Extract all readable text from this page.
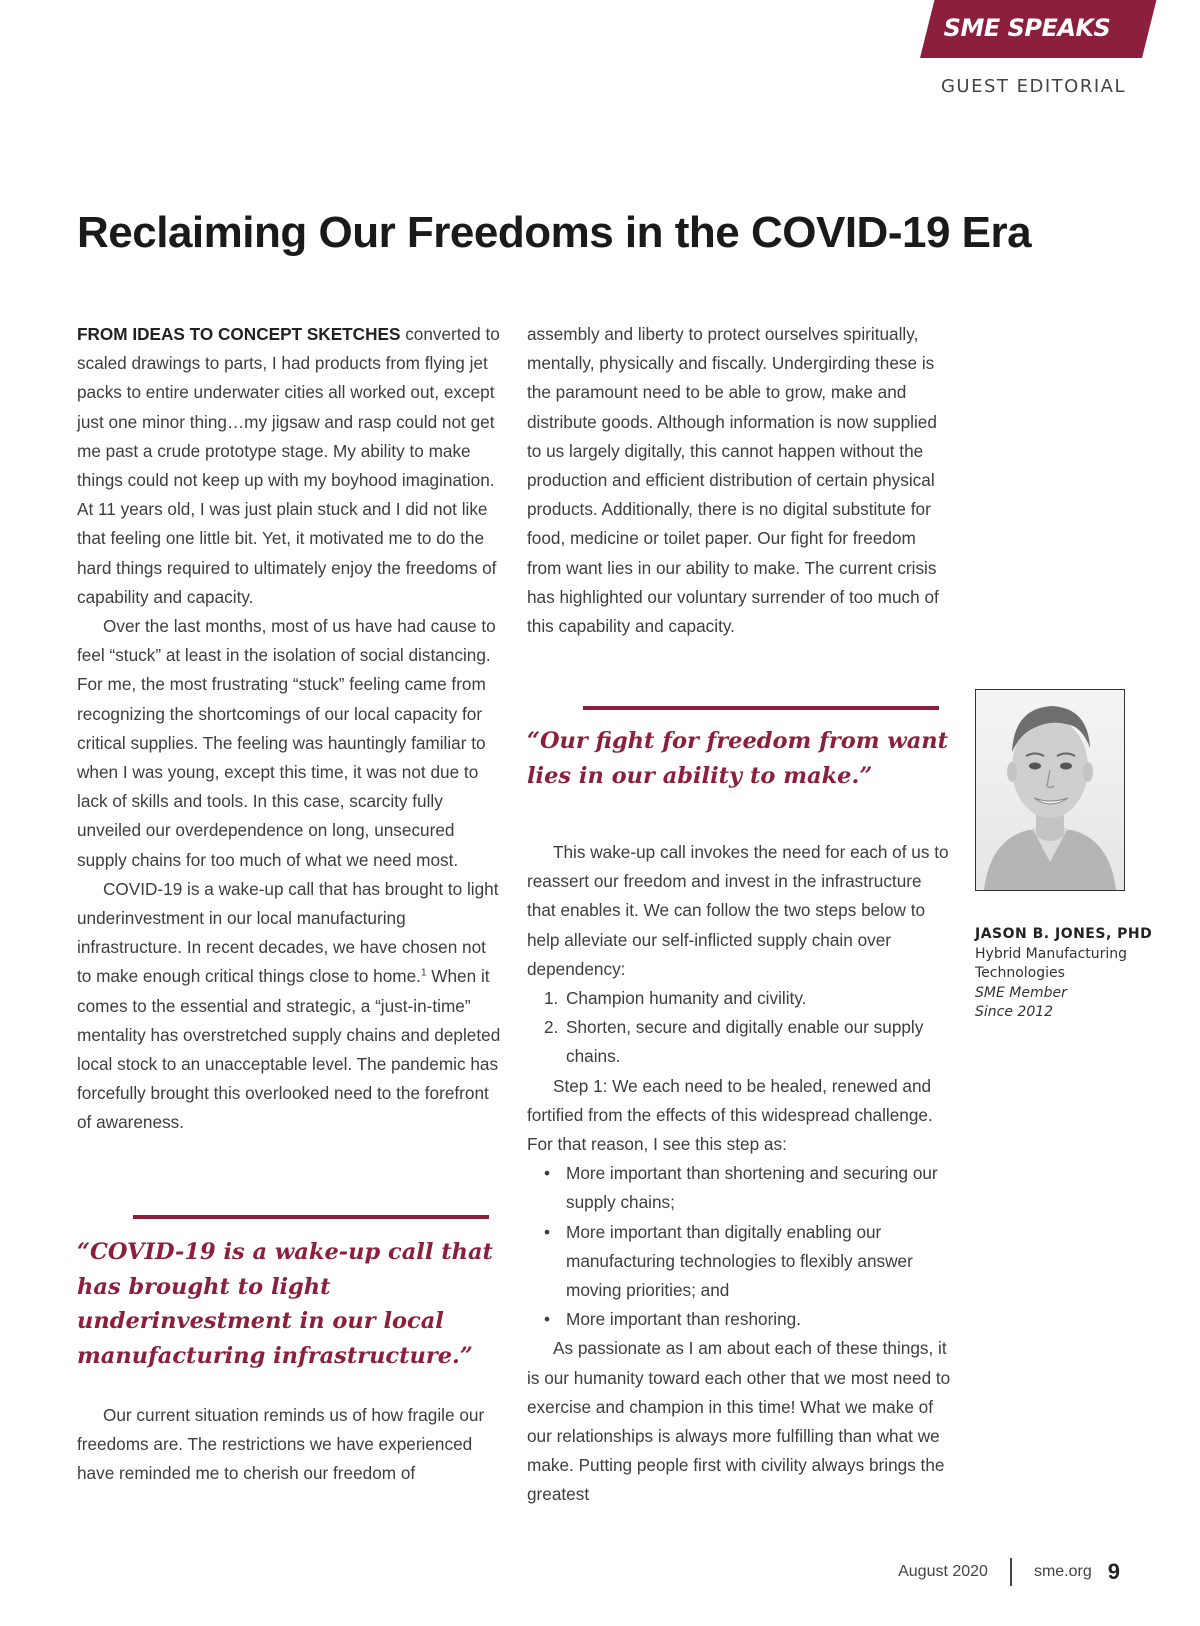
SME SPEAKS
GUEST EDITORIAL
Reclaiming Our Freedoms in the COVID-19 Era

FROM IDEAS TO CONCEPT SKETCHES converted to scaled drawings to parts, I had products from flying jet packs to entire underwater cities all worked out, except just one minor thing…my jigsaw and rasp could not get me past a crude prototype stage. My ability to make things could not keep up with my boyhood imagination. At 11 years old, I was just plain stuck and I did not like that feeling one little bit. Yet, it motivated me to do the hard things required to ultimately enjoy the freedoms of capability and capacity.

Over the last months, most of us have had cause to feel “stuck” at least in the isolation of social distancing. For me, the most frustrating “stuck” feeling came from recognizing the shortcomings of our local capacity for critical supplies. The feeling was hauntingly familiar to when I was young, except this time, it was not due to lack of skills and tools. In this case, scarcity fully unveiled our overdependence on long, unsecured supply chains for too much of what we need most.

COVID-19 is a wake-up call that has brought to light underinvestment in our local manufacturing infrastructure. In recent decades, we have chosen not to make enough critical things close to home.$^1$ When it comes to the essential and strategic, a “just-in-time” mentality has overstretched supply chains and depleted local stock to an unacceptable level. The pandemic has forcefully brought this overlooked need to the forefront of awareness.

“COVID-19 is a wake-up call that has brought to light underinvestment in our local manufacturing infrastructure.”

Our current situation reminds us of how fragile our freedoms are. The restrictions we have experienced have reminded me to cherish our freedom of

assembly and liberty to protect ourselves spiritually, mentally, physically and fiscally. Undergirding these is the paramount need to be able to grow, make and distribute goods. Although information is now supplied to us largely digitally, this cannot happen without the production and efficient distribution of certain physical products. Additionally, there is no digital substitute for food, medicine or toilet paper. Our fight for freedom from want lies in our ability to make. The current crisis has highlighted our voluntary surrender of too much of this capability and capacity.

“Our fight for freedom from want lies in our ability to make.”

This wake-up call invokes the need for each of us to reassert our freedom and invest in the infrastructure that enables it. We can follow the two steps below to help alleviate our self-inflicted supply chain over dependency:

1. Champion humanity and civility.
2. Shorten, secure and digitally enable our supply chains.

Step 1: We each need to be healed, renewed and fortified from the effects of this widespread challenge. For that reason, I see this step as:

• More important than shortening and securing our supply chains;
• More important than digitally enabling our manufacturing technologies to flexibly answer moving priorities; and
• More important than reshoring.

As passionate as I am about each of these things, it is our humanity toward each other that we most need to exercise and champion in this time! What we make of our relationships is always more fulfilling than what we make. Putting people first with civility always brings the greatest

JASON B. JONES, PHD
Hybrid Manufacturing
Technologies
SME Member
Since 2012
August 2020	sme.org 9
